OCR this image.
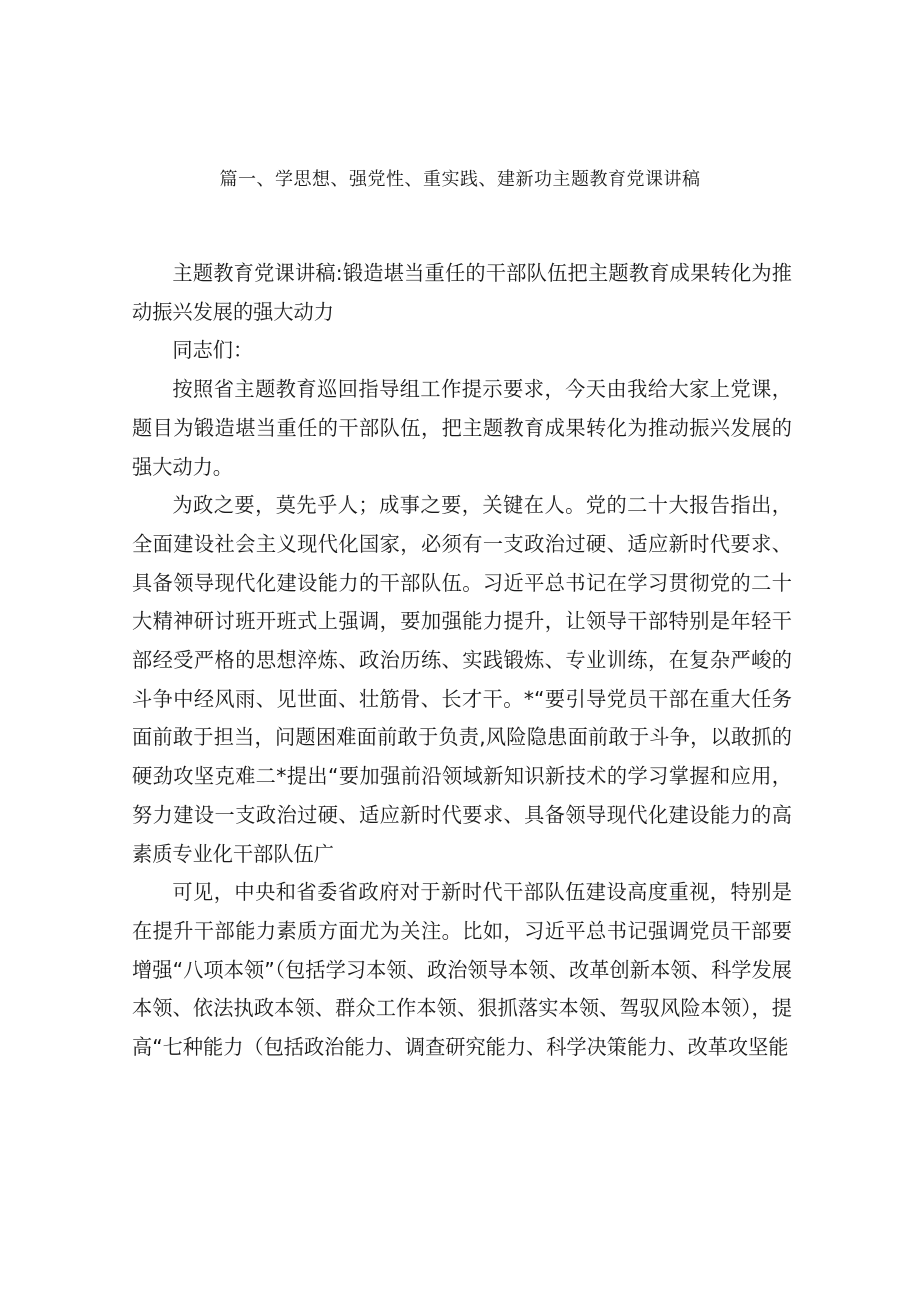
篇一、学思想、强党性、重实践、建新功主题教育党课讲稿

主题教育党课讲稿:锻造堪当重任的干部队伍把主题教育成果转化为推动振兴发展的强大动力

同志们：

按照省主题教育巡回指导组工作提示要求，今天由我给大家上党课，题目为锻造堪当重任的干部队伍，把主题教育成果转化为推动振兴发展的强大动力。

为政之要，莫先乎人；成事之要，关键在人。党的二十大报告指出，全面建设社会主义现代化国家，必须有一支政治过硬、适应新时代要求、具备领导现代化建设能力的干部队伍。习近平总书记在学习贯彻党的二十大精神研讨班开班式上强调，要加强能力提升，让领导干部特别是年轻干部经受严格的思想淬炼、政治历练、实践锻炼、专业训练，在复杂严峻的斗争中经风雨、见世面、壮筋骨、长才干。*“要引导党员干部在重大任务面前敢于担当，问题困难面前敢于负责,风险隐患面前敢于斗争，以敢抓的硬劲攻坚克难二*提出“要加强前沿领域新知识新技术的学习掌握和应用，努力建设一支政治过硬、适应新时代要求、具备领导现代化建设能力的高素质专业化干部队伍广

可见，中央和省委省政府对于新时代干部队伍建设高度重视，特别是在提升干部能力素质方面尤为关注。比如，习近平总书记强调党员干部要增强“八项本领”（包括学习本领、政治领导本领、改革创新本领、科学发展本领、依法执政本领、群众工作本领、狠抓落实本领、驾驭风险本领），提高“七种能力（包括政治能力、调查研究能力、科学决策能力、改革攻坚能
